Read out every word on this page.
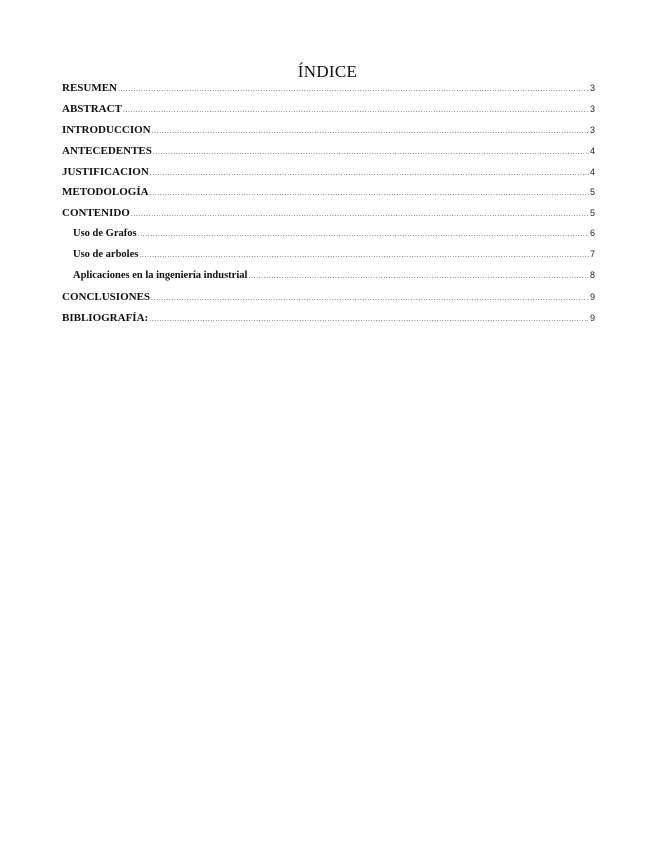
ÍNDICE
RESUMEN .....	3
ABSTRACT .....	3
INTRODUCCION .....	3
ANTECEDENTES .....	4
JUSTIFICACION .....	4
METODOLOGÍA .....	5
CONTENIDO .....	5
Uso de Grafos .....	6
Uso de arboles .....	7
Aplicaciones en la ingeniería industrial .....	8
CONCLUSIONES .....	9
BIBLIOGRAFÍA: .....	9
